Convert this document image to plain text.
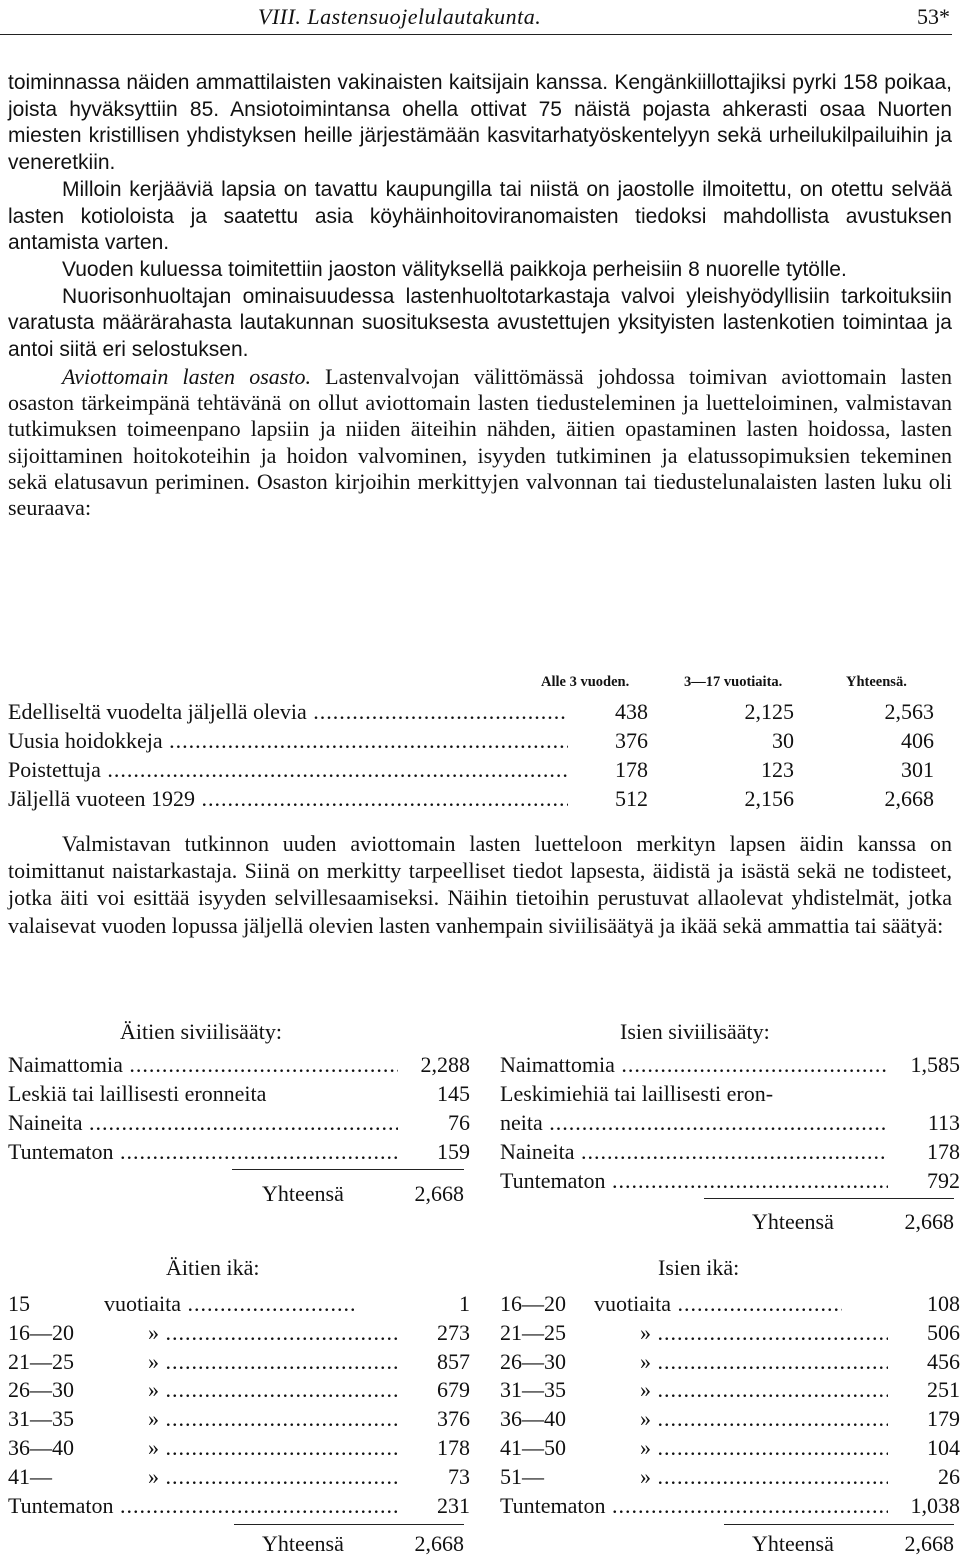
VIII. Lastensuojelulautakunta.	53*

toiminnassa näiden ammattilaisten vakinaisten kaitsijain kanssa. Kengänkiillottajiksi pyrki 158 poikaa, joista hyväksyttiin 85. Ansiotoimintansa ohella ottivat 75 näistä pojasta ahkerasti osaa Nuorten miesten kristillisen yhdistyksen heille järjestämään kasvitarhatyöskentelyyn sekä urheilukilpailuihin ja veneretkiin.

Milloin kerjääviä lapsia on tavattu kaupungilla tai niistä on jaostolle ilmoitettu, on otettu selvää lasten kotioloista ja saatettu asia köyhäinhoitoviranomaisten tiedoksi mahdollista avustuksen antamista varten.

Vuoden kuluessa toimitettiin jaoston välityksellä paikkoja perheisiin 8 nuorelle tytölle.

Nuorisonhuoltajan ominaisuudessa lastenhuoltotarkastaja valvoi yleishyödyllisiin tarkoituksiin varatusta määrärahasta lautakunnan suosituksesta avustettujen yksityisten lastenkotien toimintaa ja antoi siitä eri selostuksen.

Aviottomain lasten osasto. Lastenvalvojan välittömässä johdossa toimivan aviottomain lasten osaston tärkeimpänä tehtävänä on ollut aviottomain lasten tiedusteleminen ja luetteloiminen, valmistavan tutkimuksen toimeenpano lapsiin ja niiden äiteihin nähden, äitien opastaminen lasten hoidossa, lasten sijoittaminen hoitokoteihin ja hoidon valvominen, isyyden tutkiminen ja elatussopimuksien tekeminen sekä elatusavun periminen. Osaston kirjoihin merkittyjen valvonnan tai tiedustelunalaisten lasten luku oli seuraava:

Alle 3 vuoden.	3—17 vuotiaita.	Yhteensä.
Edelliseltä vuodelta jäljellä olevia .....	438	2,125	2,563
Uusia hoidokkeja .....	376	30	406
Poistettuja .....	178	123	301
Jäljellä vuoteen 1929 .....	512	2,156	2,668

Valmistavan tutkinnon uuden aviottomain lasten luetteloon merkityn lapsen äidin kanssa on toimittanut naistarkastaja. Siinä on merkitty tarpeelliset tiedot lapsesta, äidistä ja isästä sekä ne todisteet, jotka äiti voi esittää isyyden selvillesaamiseksi. Näihin tietoihin perustuvat allaolevat yhdistelmät, jotka valaisevat vuoden lopussa jäljellä olevien lasten vanhempain siviilisäätyä ja ikää sekä ammattia tai säätyä:

Äitien siviilisääty:
Naimattomia .....	2,288
Leskiä tai laillisesti eronneita	145
Naineita .....	76
Tuntematon .....	159
Yhteensä	2,668
Isien siviilisääty:
Naimattomia .....	1,585
Leskimiehiä tai laillisesti eron-
neita .....	113
Naineita .....	178
Tuntematon .....	792
Yhteensä	2,668
Äitien ikä:
15	vuotiaita .....	1
16—20	» .....	273
21—25	» .....	857
26—30	» .....	679
31—35	» .....	376
36—40	» .....	178
41—	» .....	73
Tuntematon .....	231
Yhteensä	2,668
Isien ikä:
16—20 vuotiaita .....	108
21—25	» .....	506
26—30	» .....	456
31—35	» .....	251
36—40	» .....	179
41—50	» .....	104
51—	» .....	26
Tuntematon .....	1,038
Yhteensä	2,668
